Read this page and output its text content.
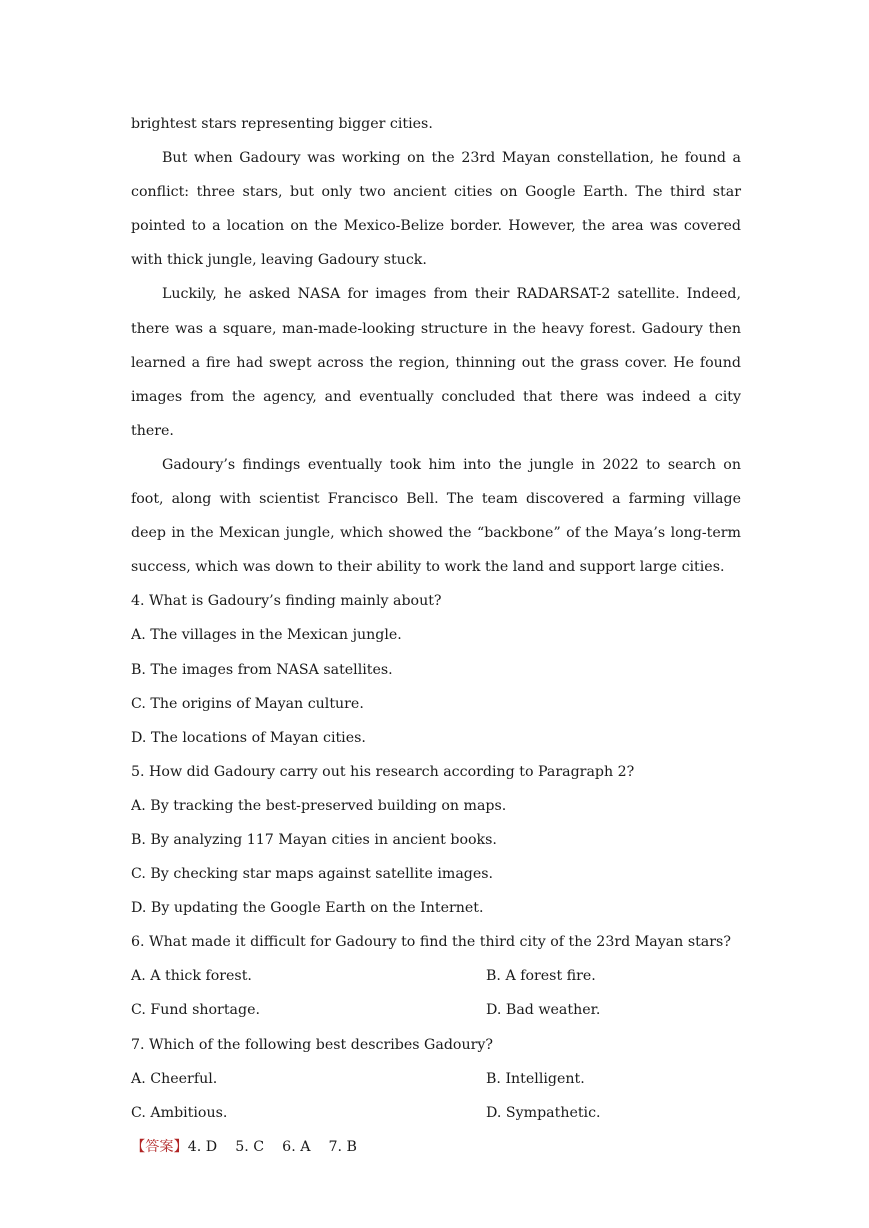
brightest stars representing bigger cities.

But when Gadoury was working on the 23rd Mayan constellation, he found a conflict: three stars, but only two ancient cities on Google Earth. The third star pointed to a location on the Mexico-Belize border. However, the area was covered with thick jungle, leaving Gadoury stuck.

Luckily, he asked NASA for images from their RADARSAT-2 satellite. Indeed, there was a square, man-made-looking structure in the heavy forest. Gadoury then learned a fire had swept across the region, thinning out the grass cover. He found images from the agency, and eventually concluded that there was indeed a city there.

Gadoury’s findings eventually took him into the jungle in 2022 to search on foot, along with scientist Francisco Bell. The team discovered a farming village deep in the Mexican jungle, which showed the “backbone” of the Maya’s long-term success, which was down to their ability to work the land and support large cities.

4. What is Gadoury’s finding mainly about?
A. The villages in the Mexican jungle.
B. The images from NASA satellites.
C. The origins of Mayan culture.
D. The locations of Mayan cities.
5. How did Gadoury carry out his research according to Paragraph 2?
A. By tracking the best-preserved building on maps.
B. By analyzing 117 Mayan cities in ancient books.
C. By checking star maps against satellite images.
D. By updating the Google Earth on the Internet.
6. What made it difficult for Gadoury to find the third city of the 23rd Mayan stars?
A. A thick forest.	B. A forest fire.
C. Fund shortage.	D. Bad weather.
7. Which of the following best describes Gadoury?
A. Cheerful.	B. Intelligent.
C. Ambitious.	D. Sympathetic.
【答案】4. D    5. C    6. A    7. B
